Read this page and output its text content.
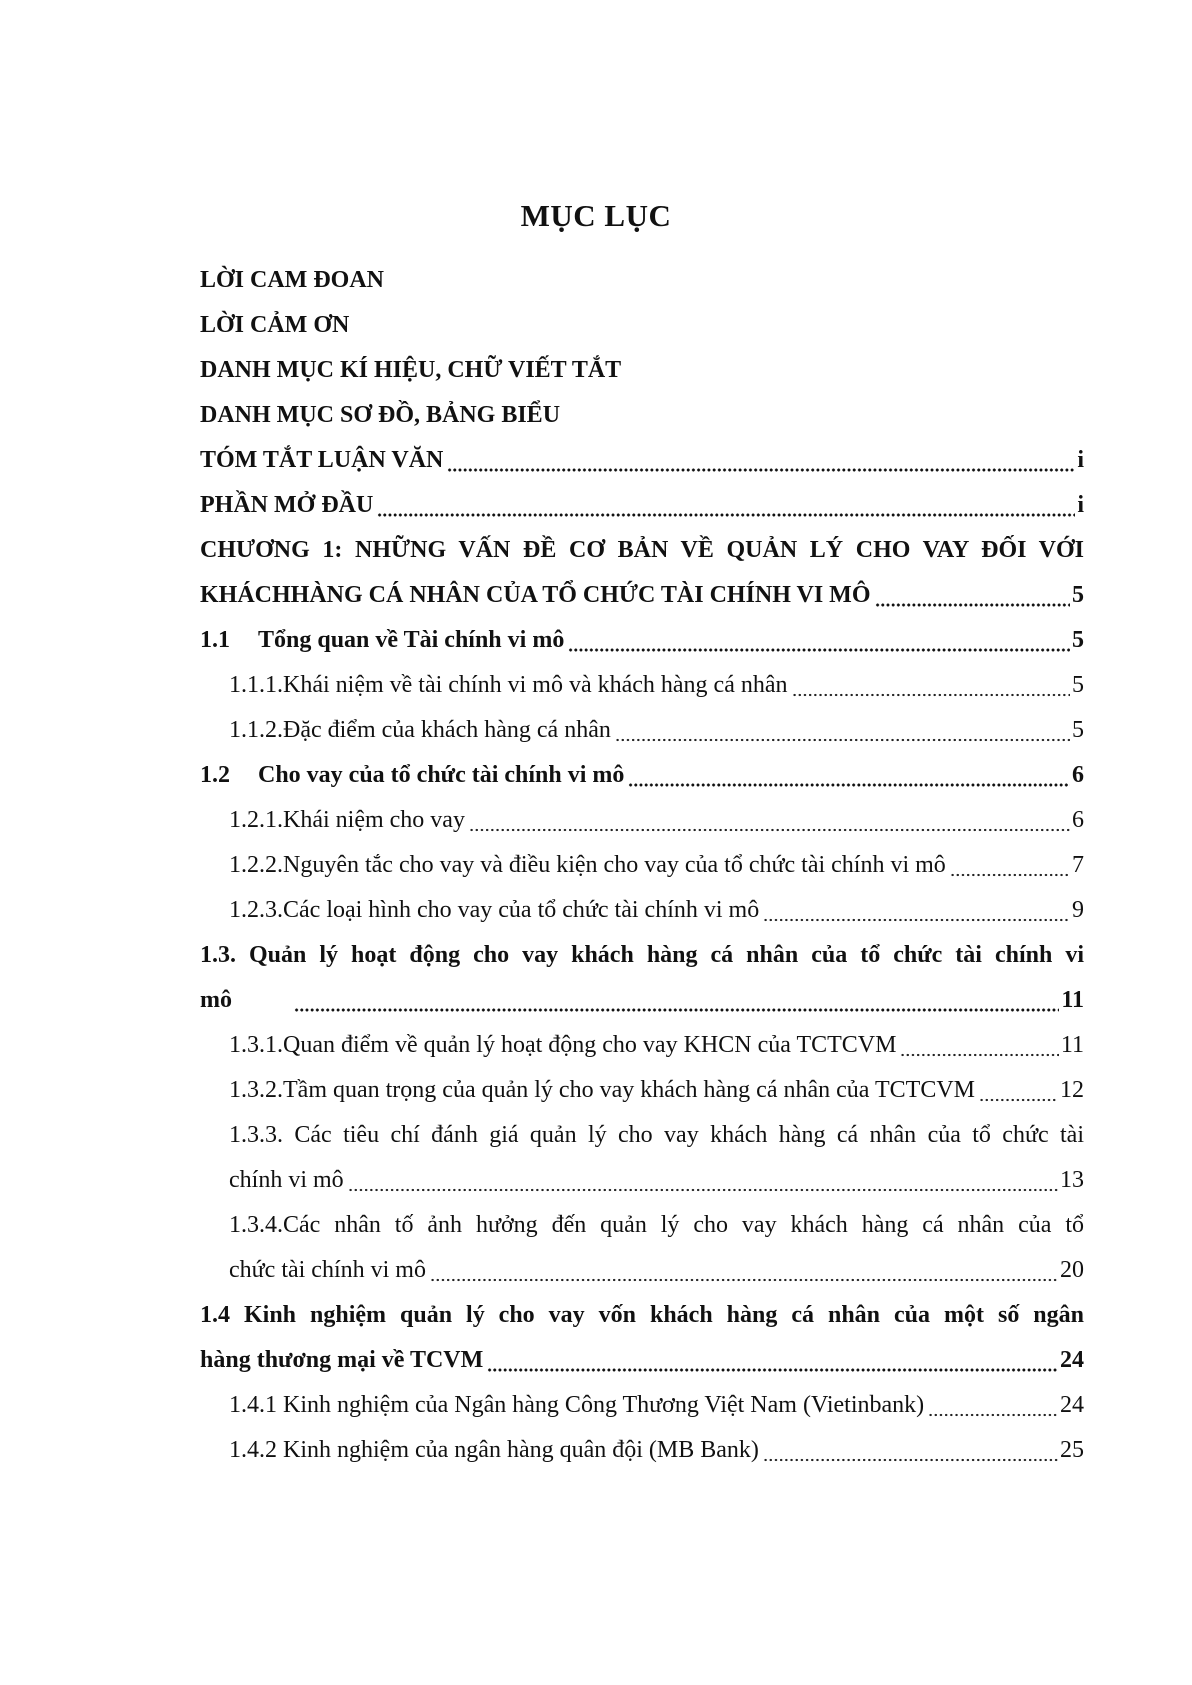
MỤC LỤC
LỜI CAM ĐOAN
LỜI CẢM ƠN
DANH MỤC KÍ HIỆU, CHỮ VIẾT TẮT
DANH MỤC SƠ ĐỒ, BẢNG BIỂU
TÓM TẮT LUẬN VĂN	i
PHẦN MỞ ĐẦU	i
CHƯƠNG 1: NHỮNG VẤN ĐỀ CƠ BẢN VỀ QUẢN LÝ CHO VAY ĐỐI VỚI
KHÁCHHÀNG CÁ NHÂN CỦA TỔ CHỨC TÀI CHÍNH VI MÔ	5
1.1	Tổng quan về Tài chính vi mô	5
1.1.1.Khái niệm về tài chính vi mô và khách hàng cá nhân	5
1.1.2.Đặc điểm của khách hàng cá nhân	5
1.2	Cho vay của tổ chức tài chính vi mô	6
1.2.1.Khái niệm cho vay	6
1.2.2.Nguyên tắc cho vay và điều kiện cho vay của tổ chức tài chính vi mô	7
1.2.3.Các loại hình cho vay của tổ chức tài chính vi mô	9
1.3. Quản lý hoạt động cho vay khách hàng cá nhân của tổ chức tài chính vi
mô	11
1.3.1.Quan điểm về quản lý hoạt động cho vay KHCN của TCTCVM	11
1.3.2.Tầm quan trọng của quản lý cho vay khách hàng cá nhân của TCTCVM	12
1.3.3. Các tiêu chí đánh giá quản lý cho vay khách hàng cá nhân của tổ chức tài
chính vi mô	13
1.3.4.Các nhân tố ảnh hưởng đến quản lý cho vay khách hàng cá nhân của tổ
chức tài chính vi mô	20
1.4 Kinh nghiệm quản lý cho vay vốn khách hàng cá nhân của một số ngân
hàng thương mại về TCVM	24
1.4.1 Kinh nghiệm của Ngân hàng Công Thương Việt Nam (Vietinbank)	24
1.4.2 Kinh nghiệm của ngân hàng quân đội (MB Bank)	25
